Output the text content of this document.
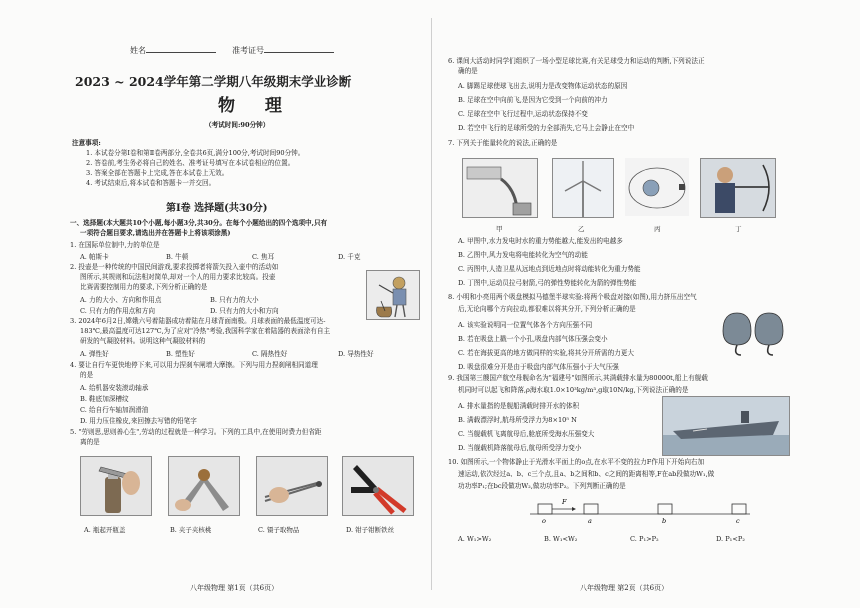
姓名	准考证号
2023 ~ 2024学年第二学期八年级期末学业诊断
物 理
（考试时间:90分钟）
注意事项:
1. 本试卷分第Ⅰ卷和第Ⅱ卷两部分,全卷共6页,满分100分,考试时间90分钟。
2. 答卷前,考生务必将自己的姓名、准考证号填写在本试卷相应的位置。
3. 答案全部在答题卡上完成,答在本试卷上无效。
4. 考试结束后,将本试卷和答题卡一并交回。
第Ⅰ卷 选择题(共30分)
一、选择题(本大题共10个小题,每小题3分,共30分。在每个小题给出的四个选项中,只有
一项符合题目要求,请选出并在答题卡上将该项涂黑)
1. 在国际单位制中,力的单位是
A. 帕斯卡	B. 牛顿	C. 焦耳	D. 千克
2. 投壶是一种传统的中国民间游戏,要求投掷者将箭矢投入壶中的活动如
图所示,其规则和玩法相对简单,却对一个人的用力要求比较高。投壶
比赛需要控制用力的要求,下列分析正确的是
A. 力的大小、方向和作用点	B. 只有力的大小
C. 只有力的作用点和方向	D. 只有力的大小和方向
3. 2024年6月2日,嫦娥六号着陆器成功着陆在月球背面南极。月球表面的最低温度可达-
183℃,最高温度可达127℃,为了应对"冷热"考验,我国科学家在着陆器的表面涂有自主
研发的气凝胶材料。说明这种气凝胶材料的
A. 弹性好	B. 塑性好	C. 隔热性好	D. 导热性好
4. 要让自行车更快地停下来,可以用力捏刹车闸增大摩擦。下列与用力捏刹闸相同道理
的是
A. 给机器安装滚动轴承
B. 鞋底加深槽纹
C. 给自行车轴加润滑油
D. 用力压住橡皮,来回擦去写错的铅笔字
5. "劳则思,思则善心生",劳动的过程就是一种学习。下列的工具中,在使用时费力但省距
离的是
A. 瓶起开瓶盖	B. 夹子夹核桃	C. 镊子取物品	D. 钳子钳断铁丝
八年级物理 第1页（共6页）
6. 课间大活动时同学们组织了一场小型足球比赛,有关足球受力和运动的判断,下列说法正
确的是
A. 脚踢足球使球飞出去,说明力是改变物体运动状态的原因
B. 足球在空中向前飞,是因为它受到一个向前的冲力
C. 足球在空中飞行过程中,运动状态保持不变
D. 若空中飞行的足球所受的力全部消失,它马上会静止在空中
7. 下列关于能量转化的说法,正确的是
甲	乙	丙	丁
A. 甲图中,水力发电时水的重力势能越大,能发出的电越多
B. 乙图中,风力发电将电能转化为空气的动能
C. 丙图中,人造卫星从远地点到近地点时将动能转化为重力势能
D. 丁图中,运动员拉弓射箭,弓的弹性势能转化为箭的弹性势能
8. 小明和小亮用两个吸盘模拟马德堡半球实验:将两个吸盘对接(如图),用力挤压出空气
后,无论向哪个方向拉动,都很难以将其分开,下列分析正确的是
A. 该实验说明同一位置气体各个方向压强不同
B. 若在吸盘上戳一个小孔,吸盘内部气体压强会变小
C. 若在海拔更高的地方做同样的实验,将其分开所需的力更大
D. 吸盘很难分开是由于吸盘内部气体压强小于大气压强
9. 我国第三艘国产航空母舰命名为"福建号"如图所示,其满载排水量为80000t,船上有舰载
机同时可以起飞和降落,ρ海水取1.0×10³kg/m³,g取10N/kg,下列说法正确的是
A. 排水量指的是舰船满载时排开水的体积
B. 满载漂浮时,航母所受浮力为8×10⁵ N
C. 当舰载机飞离航母后,舱底所受海水压强变大
D. 当舰载机降落航母后,航母所受浮力变小
10. 如图所示,一个物体静止于光滑水平面上的o点,在水平不变的拉力F作用下开始向右加
速运动,依次经过a、b、c三个点,且a、b之间和b、c之间的距离相等,F在ab段做功W₁,做
功功率P₁;在bc段做功W₂,做功功率P₂。下列判断正确的是
F
o	a	b	c
A. W₁>W₂	B. W₁<W₂	C. P₁>P₂	D. P₁<P₂
八年级物理 第2页（共6页）
